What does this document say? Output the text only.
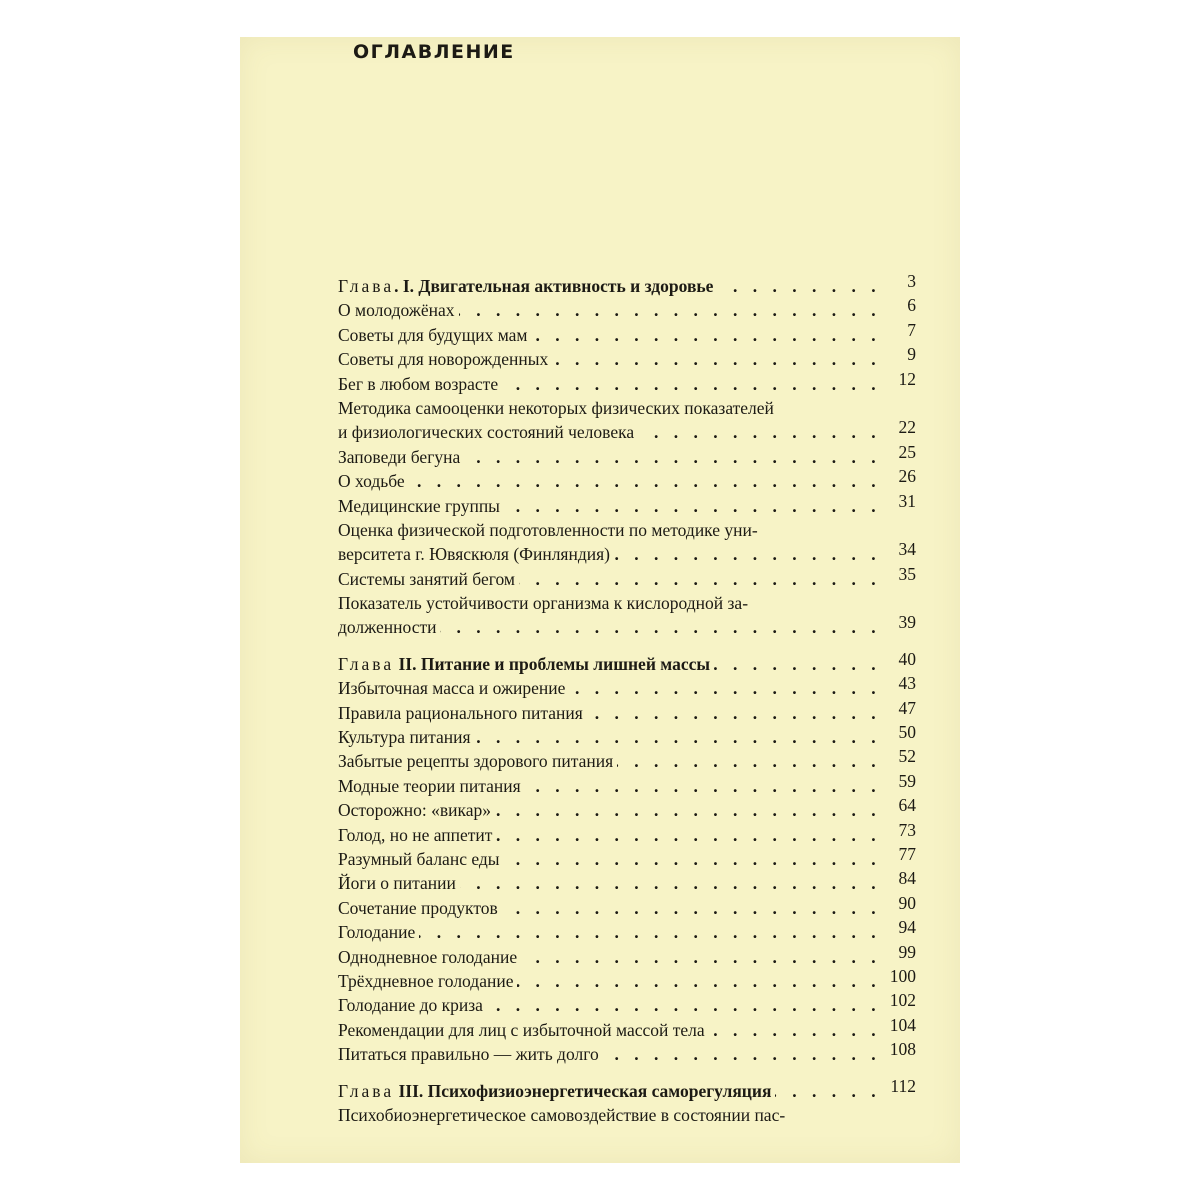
ОГЛАВЛЕНИЕ
Глава. I. Двигательная активность и здоровье . . .	3
О молодожёнах . . .	6
Советы для будущих мам . . .	7
Советы для новорожденных . . .	9
Бег в любом возрасте . . .	12
Методика самооценки некоторых физических показателей
и физиологических состояний человека . . .	22
Заповеди бегуна . . .	25
О ходьбе . . .	26
Медицинские группы . . .	31
Оценка физической подготовленности по методике уни-
верситета г. Ювяскюля (Финляндия) . . .	34
Системы занятий бегом . . .	35
Показатель устойчивости организма к кислородной за-
долженности . . .	39
Глава II. Питание и проблемы лишней массы . . .	40
Избыточная масса и ожирение . . .	43
Правила рационального питания . . .	47
Культура питания . . .	50
Забытые рецепты здорового питания . . .	52
Модные теории питания . . .	59
Осторожно: «викар» . . .	64
Голод, но не аппетит . . .	73
Разумный баланс еды . . .	77
Йоги о питании . . .	84
Сочетание продуктов . . .	90
Голодание . . .	94
Однодневное голодание . . .	99
Трёхдневное голодание . . .	100
Голодание до криза . . .	102
Рекомендации для лиц с избыточной массой тела . . .	104
Питаться правильно — жить долго . . .	108
Глава III. Психофизиоэнергетическая саморегуляция . . .	112
Психобиоэнергетическое самовоздействие в состоянии пас-
